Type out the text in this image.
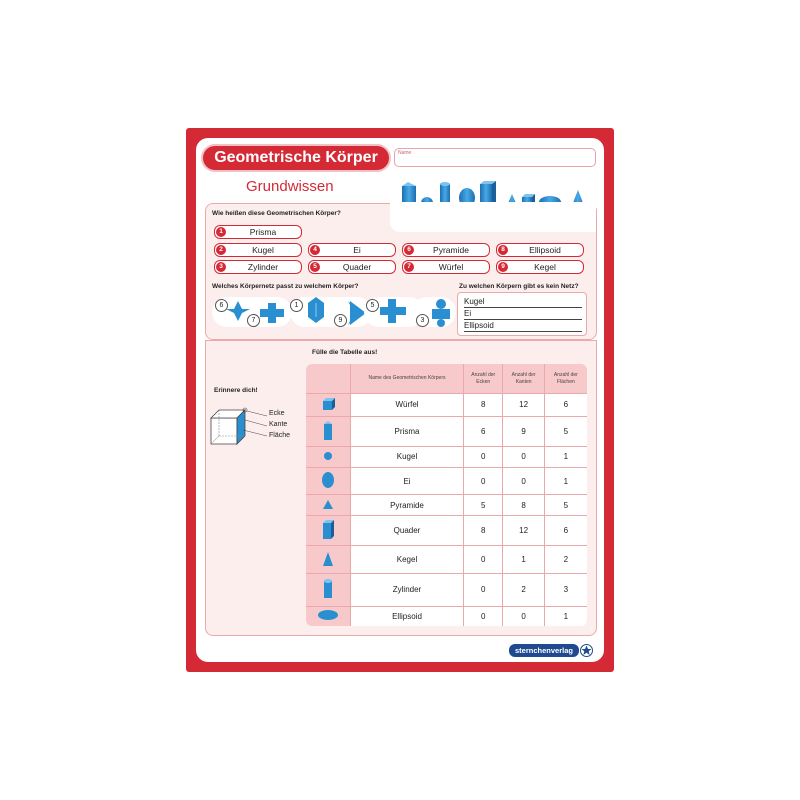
Geometrische Körper	Name
Grundwissen
Wie heißen diese Geometrischen Körper?
1	Prisma
2	Kugel
3	Zylinder
4	Ei
5	Quader
6	Pyramide
7	Würfel
8	Ellipsoid
9	Kegel
Welches Körpernetz passt zu welchem Körper?	Zu welchen Körpern gibt es kein Netz?
6
7
1
9
5
3
Kugel
Ei
Ellipsoid
Fülle die Tabelle aus!
Erinnere dich!
Ecke
Kante
Fläche
	Name des Geometrischen Körpers	Anzahl der Ecken	Anzahl der Kanten	Anzahl der Flächen
	Würfel	8	12	6
	Prisma	6	9	5
	Kugel	0	0	1
	Ei	0	0	1
	Pyramide	5	8	5
	Quader	8	12	6
	Kegel	0	1	2
	Zylinder	0	2	3
	Ellipsoid	0	0	1
sternchenverlag
